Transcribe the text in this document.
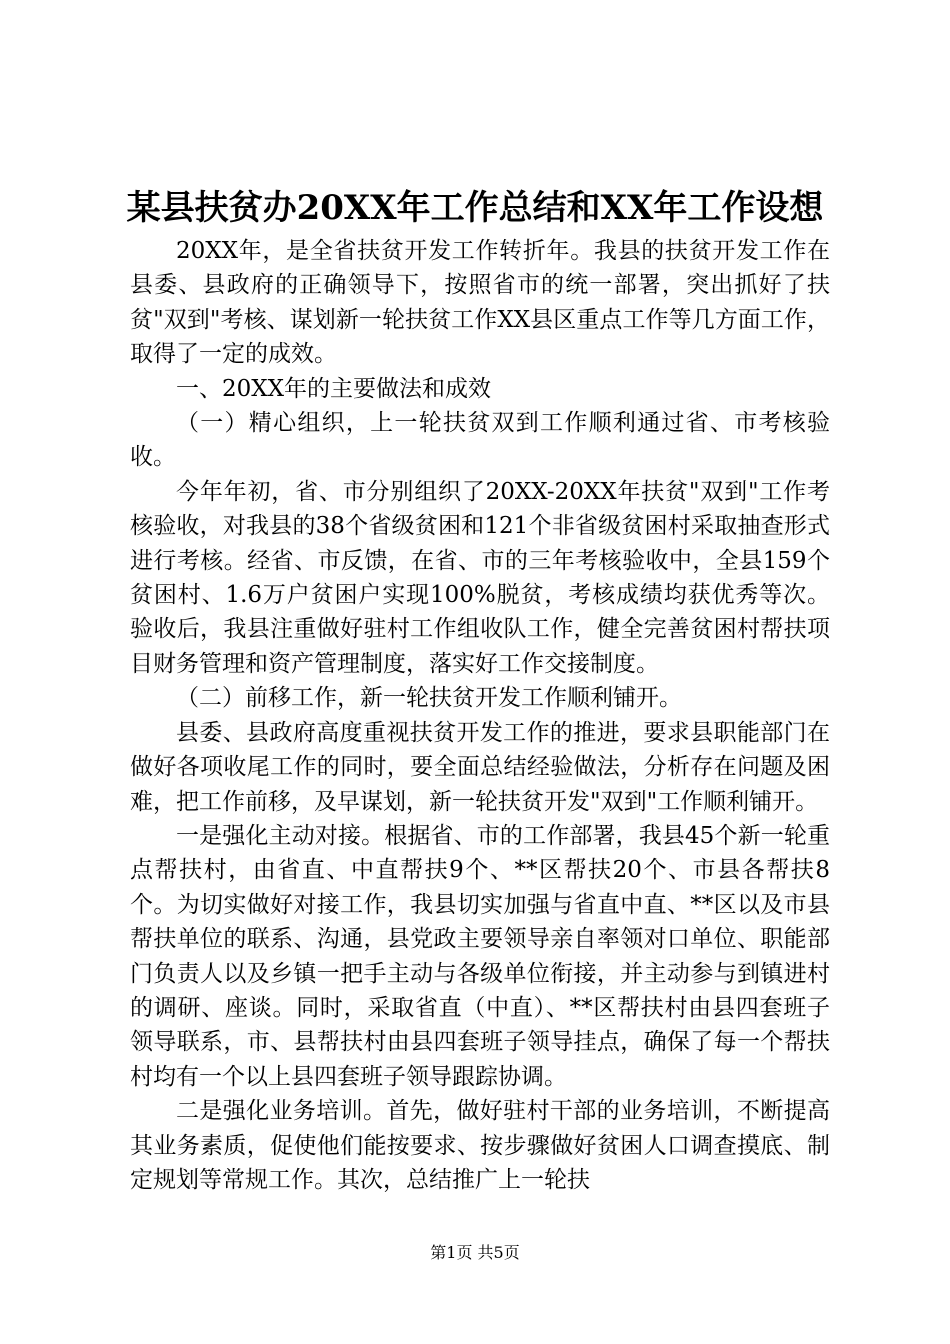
某县扶贫办20XX年工作总结和XX年工作设想

20XX年，是全省扶贫开发工作转折年。我县的扶贫开发工作在县委、县政府的正确领导下，按照省市的统一部署，突出抓好了扶贫"双到"考核、谋划新一轮扶贫工作XX县区重点工作等几方面工作，取得了一定的成效。

一、20XX年的主要做法和成效

（一）精心组织，上一轮扶贫双到工作顺利通过省、市考核验收。

今年年初，省、市分别组织了20XX-20XX年扶贫"双到"工作考核验收，对我县的38个省级贫困和121个非省级贫困村采取抽查形式进行考核。经省、市反馈，在省、市的三年考核验收中，全县159个贫困村、1.6万户贫困户实现100%脱贫，考核成绩均获优秀等次。验收后，我县注重做好驻村工作组收队工作，健全完善贫困村帮扶项目财务管理和资产管理制度，落实好工作交接制度。

（二）前移工作，新一轮扶贫开发工作顺利铺开。

县委、县政府高度重视扶贫开发工作的推进，要求县职能部门在做好各项收尾工作的同时，要全面总结经验做法，分析存在问题及困难，把工作前移，及早谋划，新一轮扶贫开发"双到"工作顺利铺开。

一是强化主动对接。根据省、市的工作部署，我县45个新一轮重点帮扶村，由省直、中直帮扶9个、**区帮扶20个、市县各帮扶8个。为切实做好对接工作，我县切实加强与省直中直、**区以及市县帮扶单位的联系、沟通，县党政主要领导亲自率领对口单位、职能部门负责人以及乡镇一把手主动与各级单位衔接，并主动参与到镇进村的调研、座谈。同时，采取省直（中直）、**区帮扶村由县四套班子领导联系，市、县帮扶村由县四套班子领导挂点，确保了每一个帮扶村均有一个以上县四套班子领导跟踪协调。

二是强化业务培训。首先，做好驻村干部的业务培训，不断提高其业务素质，促使他们能按要求、按步骤做好贫困人口调查摸底、制定规划等常规工作。其次，总结推广上一轮扶

第1页 共5页
